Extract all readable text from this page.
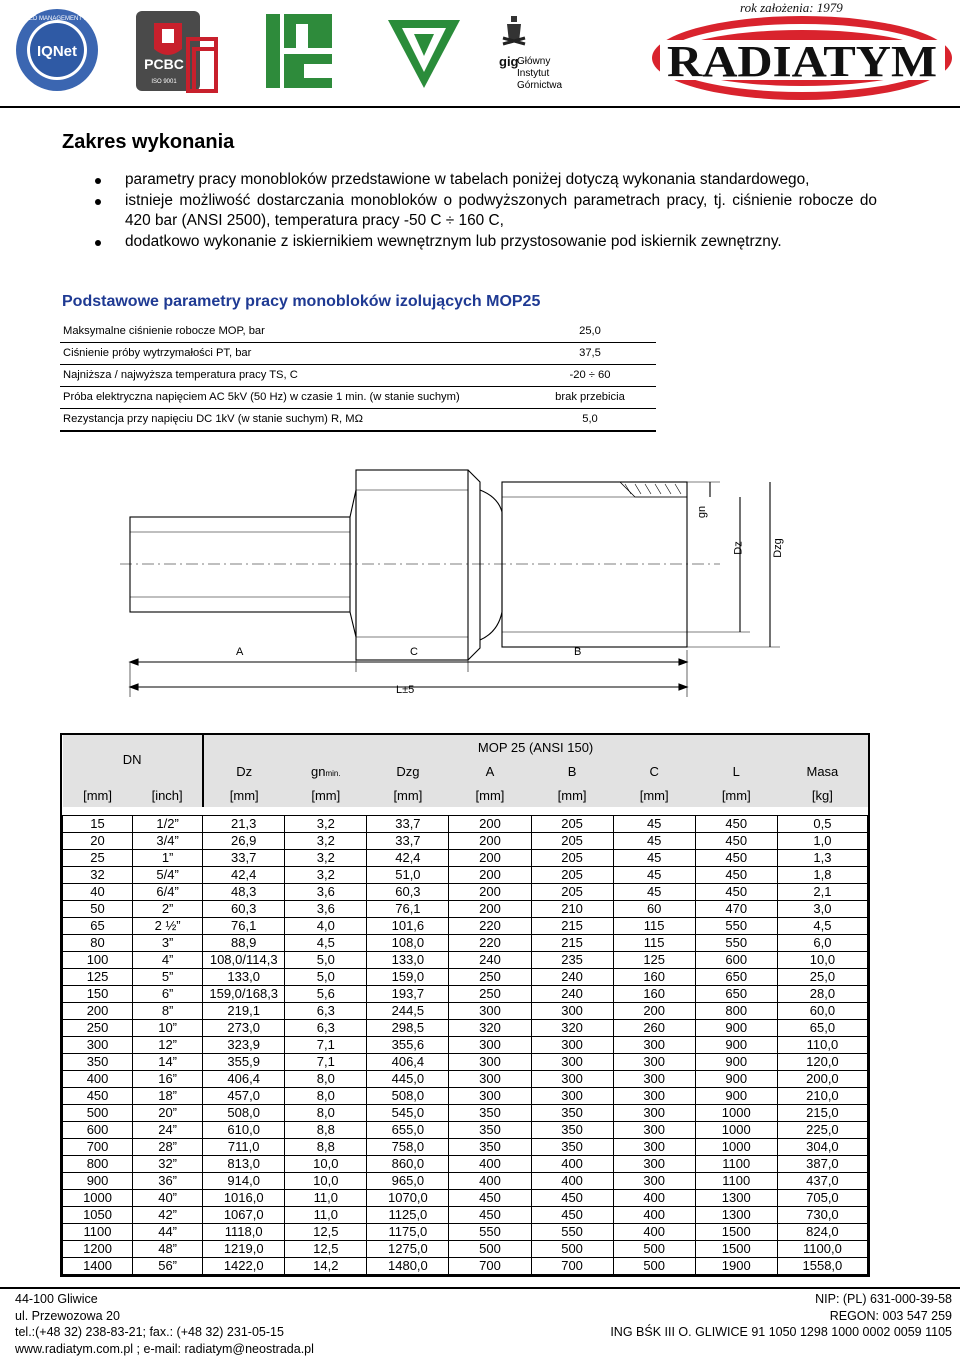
IQNet
CERTIFIED MANAGEMENT SYSTEM
PCBC
ISO 9001
gig
Główny
Instytut
Górnictwa
rok założenia: 1979
RADIATYM
Zakres wykonania
parametry pracy monobloków przedstawione w tabelach poniżej dotyczą wykonania standardowego,
istnieje możliwość dostarczania monobloków o podwyższonych parametrach pracy, tj. ciśnienie robocze do 420 bar (ANSI 2500), temperatura pracy -50 C ÷ 160 C,
dodatkowo wykonanie z iskiernikiem wewnętrznym lub przystosowanie pod iskiernik zewnętrzny.
Podstawowe parametry pracy monobloków izolujących MOP25
Maksymalne ciśnienie robocze MOP, bar	25,0
Ciśnienie próby wytrzymałości PT, bar	37,5
Najniższa / najwyższa temperatura pracy TS, C	-20 ÷ 60
Próba elektryczna napięciem AC 5kV (50 Hz) w czasie 1 min. (w stanie suchym)	brak przebicia
Rezystancja przy napięciu DC 1kV (w stanie suchym) R, MΩ	5,0
A	C	B
L±5
gn
Dz Dzg
DN		MOP 25 (ANSI 150)							
		Dz	gnmin.	Dzg	A	B	C	L	Masa
[mm]	[inch]	[mm]	[mm]	[mm]	[mm]	[mm]	[mm]	[mm]	[kg]

15	1/2”	21,3	3,2	33,7	200	205	45	450	0,5
20	3/4”	26,9	3,2	33,7	200	205	45	450	1,0
25	1”	33,7	3,2	42,4	200	205	45	450	1,3
32	5/4”	42,4	3,2	51,0	200	205	45	450	1,8
40	6/4”	48,3	3,6	60,3	200	205	45	450	2,1
50	2”	60,3	3,6	76,1	200	210	60	470	3,0
65	2 ½”	76,1	4,0	101,6	220	215	115	550	4,5
80	3”	88,9	4,5	108,0	220	215	115	550	6,0
100	4”	108,0/114,3	5,0	133,0	240	235	125	600	10,0
125	5”	133,0	5,0	159,0	250	240	160	650	25,0
150	6”	159,0/168,3	5,6	193,7	250	240	160	650	28,0
200	8”	219,1	6,3	244,5	300	300	200	800	60,0
250	10”	273,0	6,3	298,5	320	320	260	900	65,0
300	12”	323,9	7,1	355,6	300	300	300	900	110,0
350	14”	355,9	7,1	406,4	300	300	300	900	120,0
400	16”	406,4	8,0	445,0	300	300	300	900	200,0
450	18”	457,0	8,0	508,0	300	300	300	900	210,0
500	20”	508,0	8,0	545,0	350	350	300	1000	215,0
600	24”	610,0	8,8	655,0	350	350	300	1000	225,0
700	28”	711,0	8,8	758,0	350	350	300	1000	304,0
800	32”	813,0	10,0	860,0	400	400	300	1100	387,0
900	36”	914,0	10,0	965,0	400	400	300	1100	437,0
1000	40”	1016,0	11,0	1070,0	450	450	400	1300	705,0
1050	42”	1067,0	11,0	1125,0	450	450	400	1300	730,0
1100	44”	1118,0	12,5	1175,0	550	550	400	1500	824,0
1200	48”	1219,0	12,5	1275,0	500	500	500	1500	1100,0
1400	56”	1422,0	14,2	1480,0	700	700	500	1900	1558,0
44-100 Gliwice
ul. Przewozowa 20
tel.:(+48 32) 238-83-21; fax.: (+48 32) 231-05-15
www.radiatym.com.pl ; e-mail: radiatym@neostrada.pl
NIP: (PL) 631-000-39-58
REGON: 003 547 259
ING BŚK III O. GLIWICE 91 1050 1298 1000 0002 0059 1105
